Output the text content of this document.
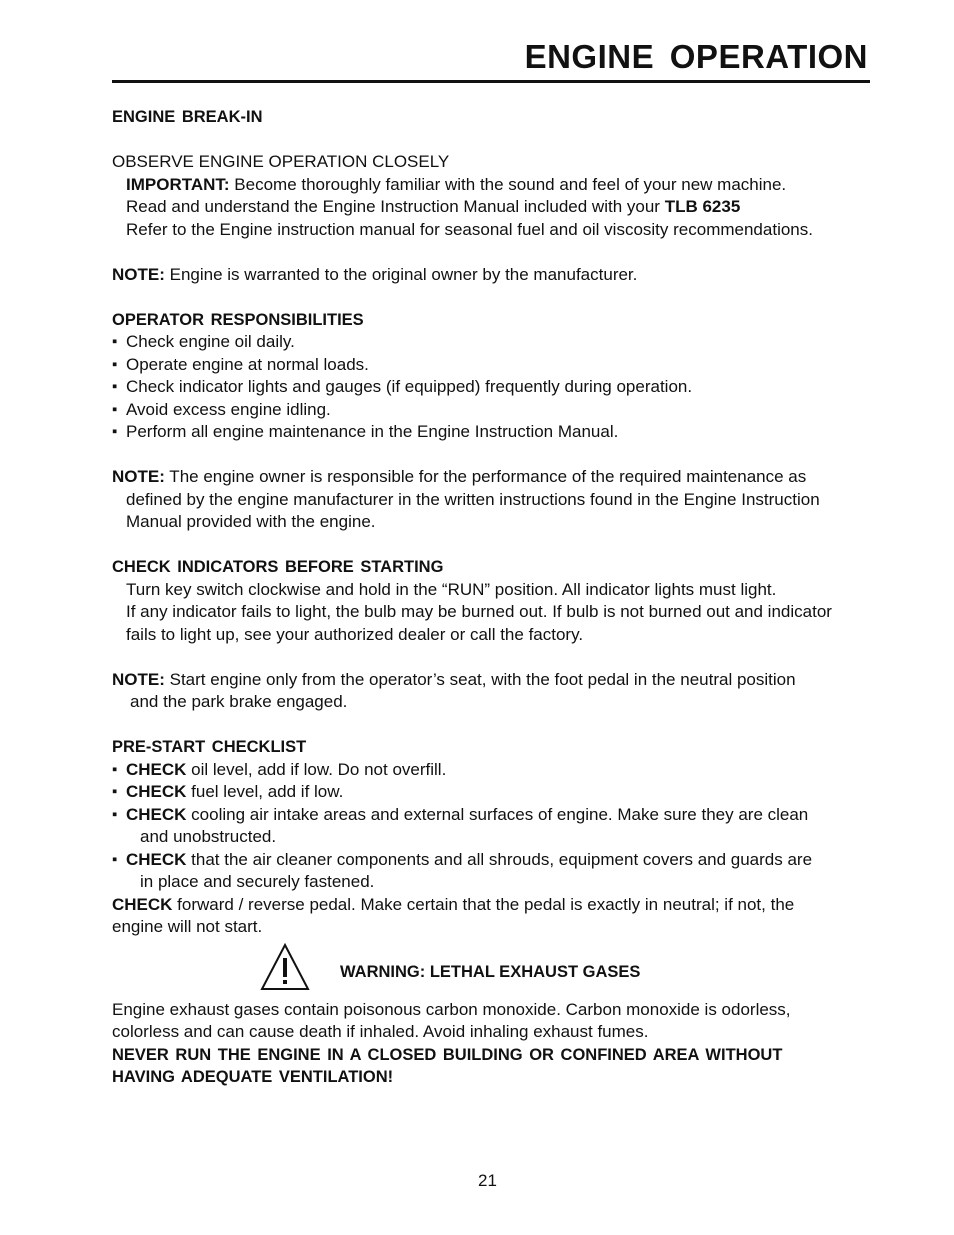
ENGINE OPERATION

ENGINE BREAK-IN

OBSERVE ENGINE OPERATION CLOSELY

IMPORTANT: Become thoroughly familiar with the sound and feel of your new machine.

Read and understand the Engine Instruction Manual included with your TLB 6235

Refer to the Engine instruction manual for seasonal fuel and oil viscosity recommendations.

NOTE: Engine is warranted to the original owner by the manufacturer.

OPERATOR RESPONSIBILITIES

▪ Check engine oil daily.

▪ Operate engine at normal loads.

▪ Check indicator lights and gauges (if equipped) frequently during operation.

▪ Avoid excess engine idling.

▪ Perform all engine maintenance in the Engine Instruction Manual.

NOTE: The engine owner is responsible for the performance of the required maintenance as

defined by the engine manufacturer in the written instructions found in the Engine Instruction

Manual provided with the engine.

CHECK INDICATORS BEFORE STARTING

Turn key switch clockwise and hold in the “RUN” position. All indicator lights must light.

If any indicator fails to light, the bulb may be burned out. If bulb is not burned out and indicator

fails to light up, see your authorized dealer or call the factory.

NOTE: Start engine only from the operator’s seat, with the foot pedal in the neutral position

and the park brake engaged.

PRE-START CHECKLIST

▪ CHECK oil level, add if low. Do not overfill.

▪ CHECK fuel level, add if low.

▪ CHECK cooling air intake areas and external surfaces of engine. Make sure they are clean

and unobstructed.

▪ CHECK that the air cleaner components and all shrouds, equipment covers and guards are

in place and securely fastened.

CHECK forward / reverse pedal. Make certain that the pedal is exactly in neutral; if not, the

engine will not start.

WARNING: LETHAL EXHAUST GASES

Engine exhaust gases contain poisonous carbon monoxide. Carbon monoxide is odorless,

colorless and can cause death if inhaled. Avoid inhaling exhaust fumes.

NEVER RUN THE ENGINE IN A CLOSED BUILDING OR CONFINED AREA WITHOUT

HAVING ADEQUATE VENTILATION!

21
